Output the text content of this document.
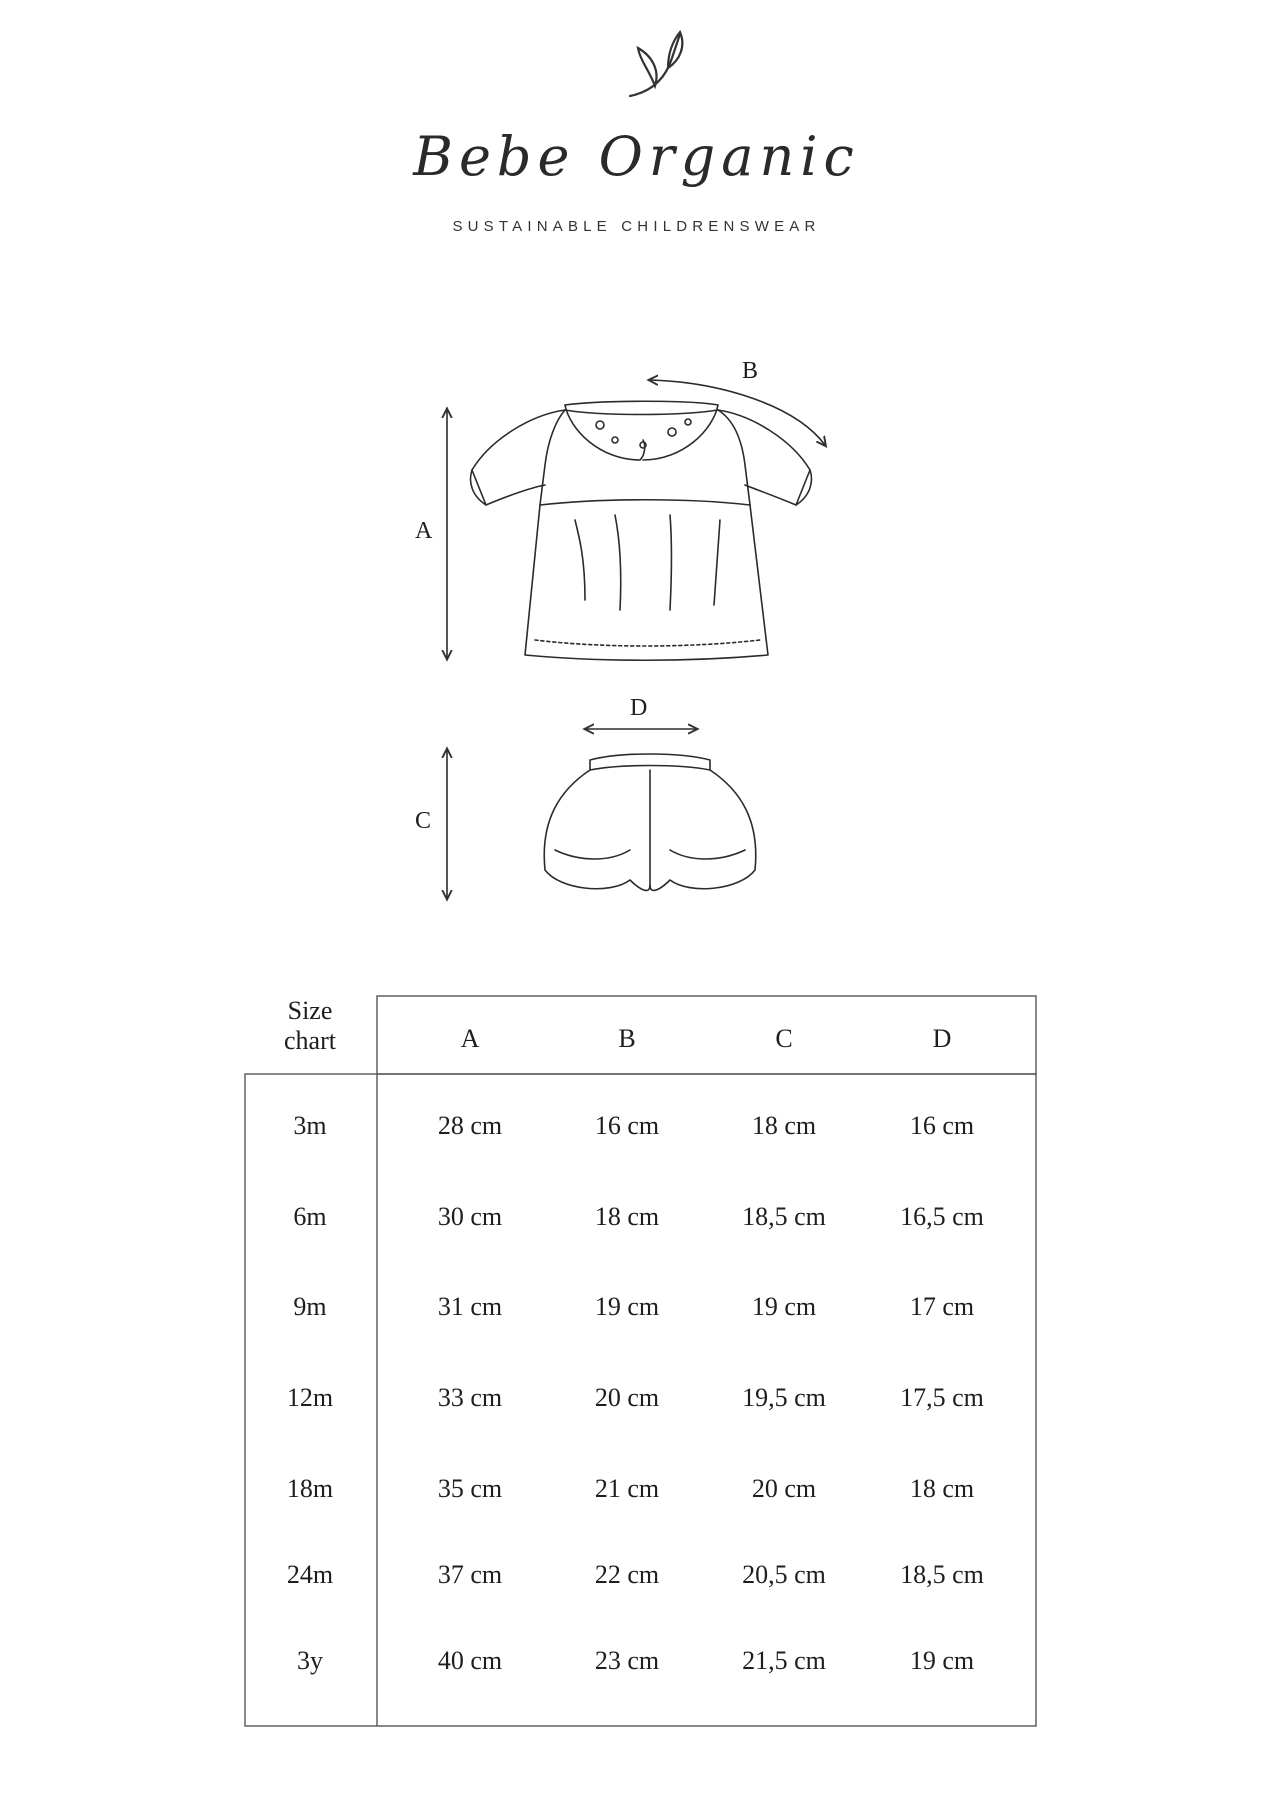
Bebe Organic
SUSTAINABLE CHILDRENSWEAR
A
B
C
D
Size
chart	A	B	C	D
3m	28 cm	16 cm	18 cm	16 cm
6m	30 cm	18 cm	18,5 cm	16,5 cm
9m	31 cm	19 cm	19 cm	17 cm
12m	33 cm	20 cm	19,5 cm	17,5 cm
18m	35 cm	21 cm	20 cm	18 cm
24m	37 cm	22 cm	20,5 cm	18,5 cm
3y	40 cm	23 cm	21,5 cm	19 cm
